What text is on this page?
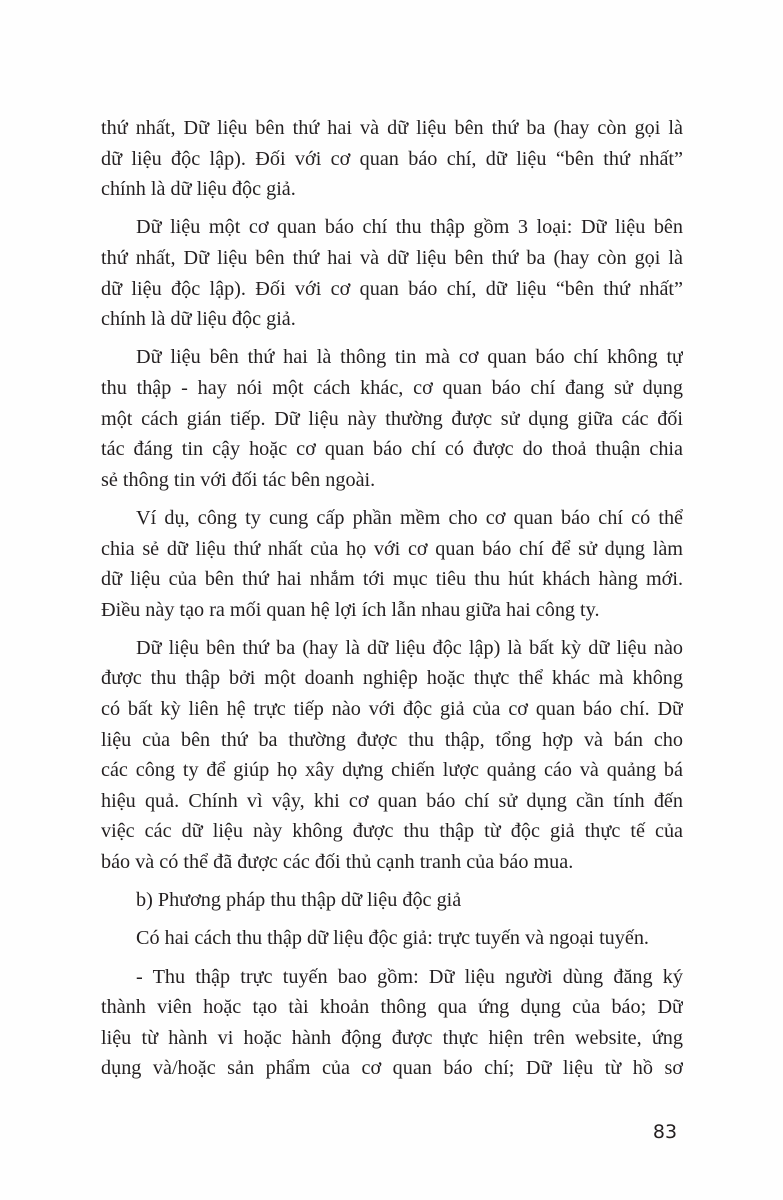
thứ nhất, Dữ liệu bên thứ hai và dữ liệu bên thứ ba (hay còn gọi là
dữ liệu độc lập). Đối với cơ quan báo chí, dữ liệu “bên thứ nhất”
chính là dữ liệu độc giả.
Dữ liệu một cơ quan báo chí thu thập gồm 3 loại: Dữ liệu bên
thứ nhất, Dữ liệu bên thứ hai và dữ liệu bên thứ ba (hay còn gọi là
dữ liệu độc lập). Đối với cơ quan báo chí, dữ liệu “bên thứ nhất”
chính là dữ liệu độc giả.
Dữ liệu bên thứ hai là thông tin mà cơ quan báo chí không tự
thu thập - hay nói một cách khác, cơ quan báo chí đang sử dụng
một cách gián tiếp. Dữ liệu này thường được sử dụng giữa các đối
tác đáng tin cậy hoặc cơ quan báo chí có được do thoả thuận chia
sẻ thông tin với đối tác bên ngoài.
Ví dụ, công ty cung cấp phần mềm cho cơ quan báo chí có thể
chia sẻ dữ liệu thứ nhất của họ với cơ quan báo chí để sử dụng làm
dữ liệu của bên thứ hai nhắm tới mục tiêu thu hút khách hàng mới.
Điều này tạo ra mối quan hệ lợi ích lẫn nhau giữa hai công ty.
Dữ liệu bên thứ ba (hay là dữ liệu độc lập) là bất kỳ dữ liệu nào
được thu thập bởi một doanh nghiệp hoặc thực thể khác mà không
có bất kỳ liên hệ trực tiếp nào với độc giả của cơ quan báo chí. Dữ
liệu của bên thứ ba thường được thu thập, tổng hợp và bán cho
các công ty để giúp họ xây dựng chiến lược quảng cáo và quảng bá
hiệu quả. Chính vì vậy, khi cơ quan báo chí sử dụng cần tính đến
việc các dữ liệu này không được thu thập từ độc giả thực tế của
báo và có thể đã được các đối thủ cạnh tranh của báo mua.
b) Phương pháp thu thập dữ liệu độc giả
Có hai cách thu thập dữ liệu độc giả: trực tuyến và ngoại tuyến.
- Thu thập trực tuyến bao gồm: Dữ liệu người dùng đăng ký
thành viên hoặc tạo tài khoản thông qua ứng dụng của báo; Dữ
liệu từ hành vi hoặc hành động được thực hiện trên website, ứng
dụng và/hoặc sản phẩm của cơ quan báo chí; Dữ liệu từ hồ sơ
83
